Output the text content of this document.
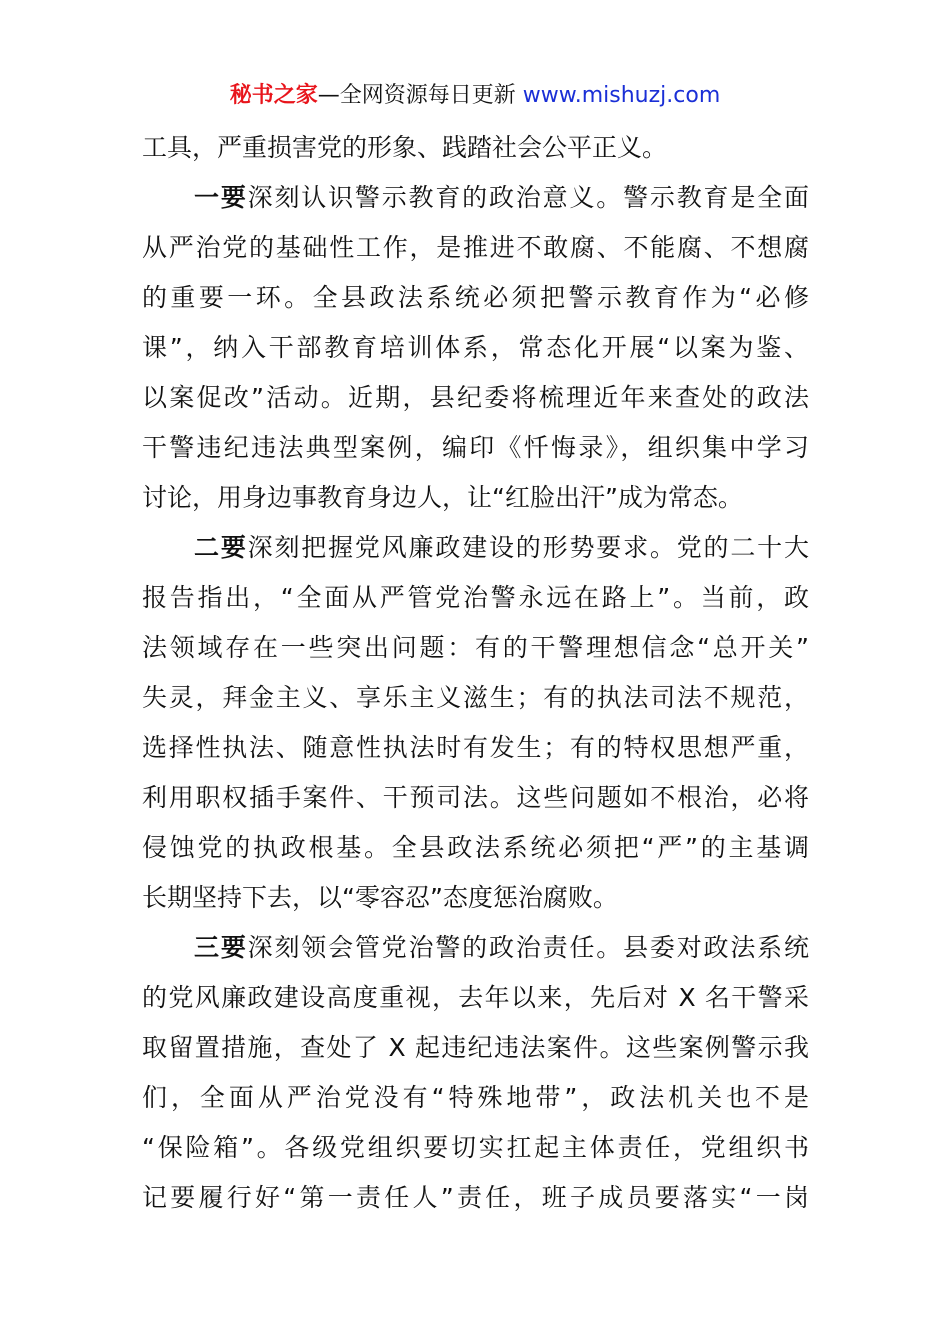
秘书之家—全网资源每日更新 www.mishuzj.com
工具，严重损害党的形象、践踏社会公平正义。
一要深刻认识警示教育的政治意义。警示教育是全面
从严治党的基础性工作，是推进不敢腐、不能腐、不想腐
的重要一环。全县政法系统必须把警示教育作为“必修
课”，纳入干部教育培训体系，常态化开展“以案为鉴、
以案促改”活动。近期，县纪委将梳理近年来查处的政法
干警违纪违法典型案例，编印《忏悔录》，组织集中学习
讨论，用身边事教育身边人，让“红脸出汗”成为常态。
二要深刻把握党风廉政建设的形势要求。党的二十大
报告指出，“全面从严管党治警永远在路上”。当前，政
法领域存在一些突出问题：有的干警理想信念“总开关”
失灵，拜金主义、享乐主义滋生；有的执法司法不规范，
选择性执法、随意性执法时有发生；有的特权思想严重，
利用职权插手案件、干预司法。这些问题如不根治，必将
侵蚀党的执政根基。全县政法系统必须把“严”的主基调
长期坚持下去，以“零容忍”态度惩治腐败。
三要深刻领会管党治警的政治责任。县委对政法系统
的党风廉政建设高度重视，去年以来，先后对 X 名干警采
取留置措施，查处了 X 起违纪违法案件。这些案例警示我
们，全面从严治党没有“特殊地带”，政法机关也不是
“保险箱”。各级党组织要切实扛起主体责任，党组织书
记要履行好“第一责任人”责任，班子成员要落实“一岗
